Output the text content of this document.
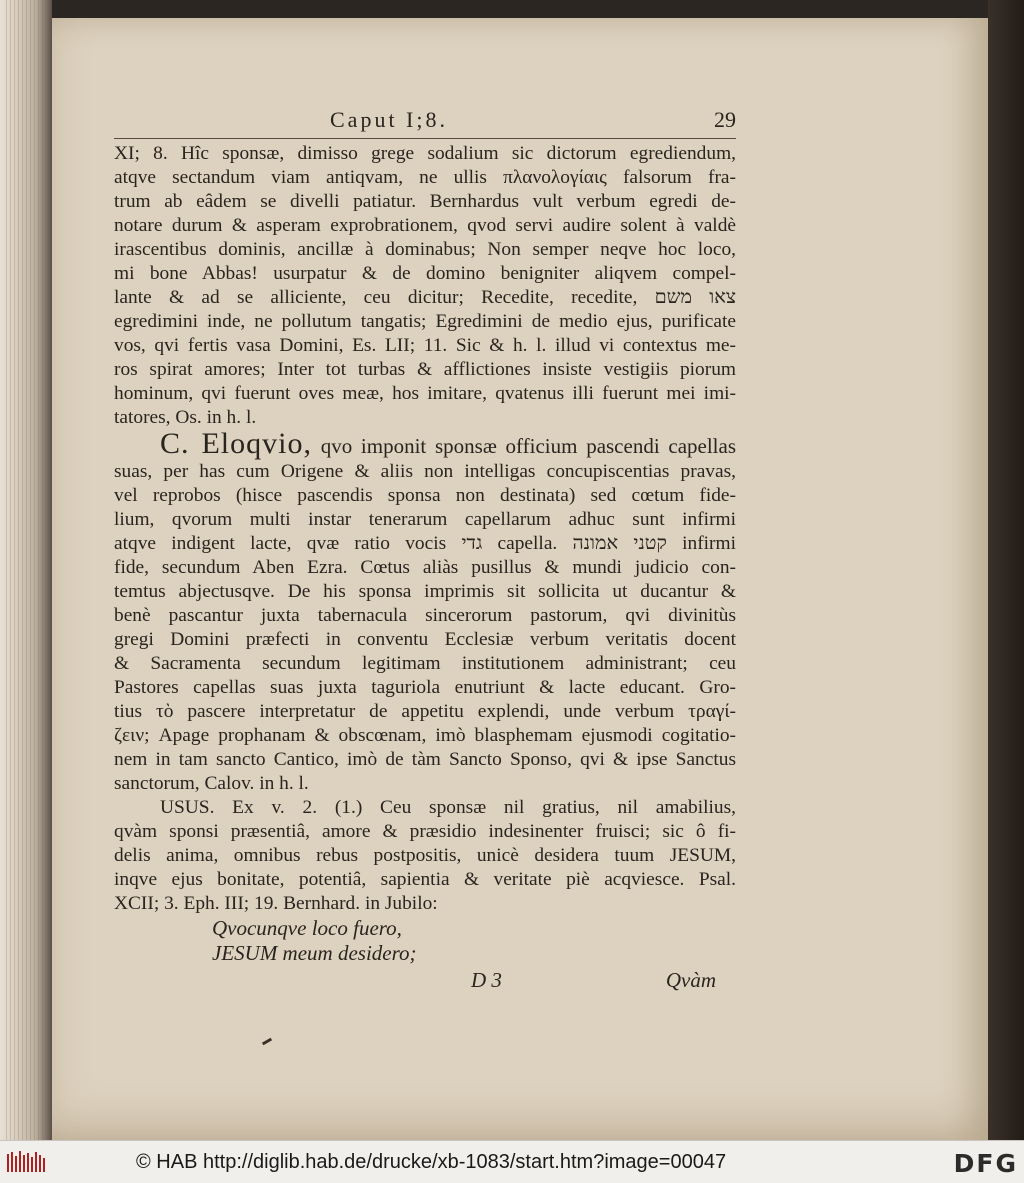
Caput I;8.	29
XI; 8. Hîc sponsæ, dimisso grege sodalium sic dictorum egrediendum,
atqve sectandum viam antiqvam, ne ullis πλανολογίαις falsorum fra-
trum ab eâdem se divelli patiatur. Bernhardus vult verbum egredi de-
notare durum & asperam exprobrationem, qvod servi audire solent à valdè
irascentibus dominis, ancillæ à dominabus; Non semper neqve hoc loco,
mi bone Abbas! usurpatur & de domino benigniter aliqvem compel-
lante & ad se alliciente, ceu dicitur; Recedite, recedite, צאו משם
egredimini inde, ne pollutum tangatis; Egredimini de medio ejus, purificate
vos, qvi fertis vasa Domini, Es. LII; 11. Sic & h. l. illud vi contextus me-
ros spirat amores; Inter tot turbas & afflictiones insiste vestigiis piorum
hominum, qvi fuerunt oves meæ, hos imitare, qvatenus illi fuerunt mei imi-
tatores, Os. in h. l.
C. Eloqvio, qvo imponit sponsæ officium pascendi capellas
suas, per has cum Origene & aliis non intelligas concupiscentias pravas,
vel reprobos (hisce pascendis sponsa non destinata) sed cœtum fide-
lium, qvorum multi instar tenerarum capellarum adhuc sunt infirmi
atqve indigent lacte, qvæ ratio vocis גדי capella. קטני אמונה infirmi
fide, secundum Aben Ezra. Cœtus aliàs pusillus & mundi judicio con-
temtus abjectusqve. De his sponsa imprimis sit sollicita ut ducantur &
benè pascantur juxta tabernacula sincerorum pastorum, qvi divinitùs
gregi Domini præfecti in conventu Ecclesiæ verbum veritatis docent
& Sacramenta secundum legitimam institutionem administrant; ceu
Pastores capellas suas juxta taguriola enutriunt & lacte educant. Gro-
tius τὸ pascere interpretatur de appetitu explendi, unde verbum τραγί-
ζειν; Apage prophanam & obscœnam, imò blasphemam ejusmodi cogitatio-
nem in tam sancto Cantico, imò de tàm Sancto Sponso, qvi & ipse Sanctus
sanctorum, Calov. in h. l.
USUS. Ex v. 2. (1.) Ceu sponsæ nil gratius, nil amabilius,
qvàm sponsi præsentiâ, amore & præsidio indesinenter fruisci; sic ô fi-
delis anima, omnibus rebus postpositis, unicè desidera tuum JESUM,
inqve ejus bonitate, potentiâ, sapientia & veritate piè acqviesce. Psal.
XCII; 3. Eph. III; 19. Bernhard. in Jubilo:
Qvocunqve loco fuero,
JESUM meum desidero;
D 3	Qvàm
© HAB http://diglib.hab.de/drucke/xb-1083/start.htm?image=00047	DFG
